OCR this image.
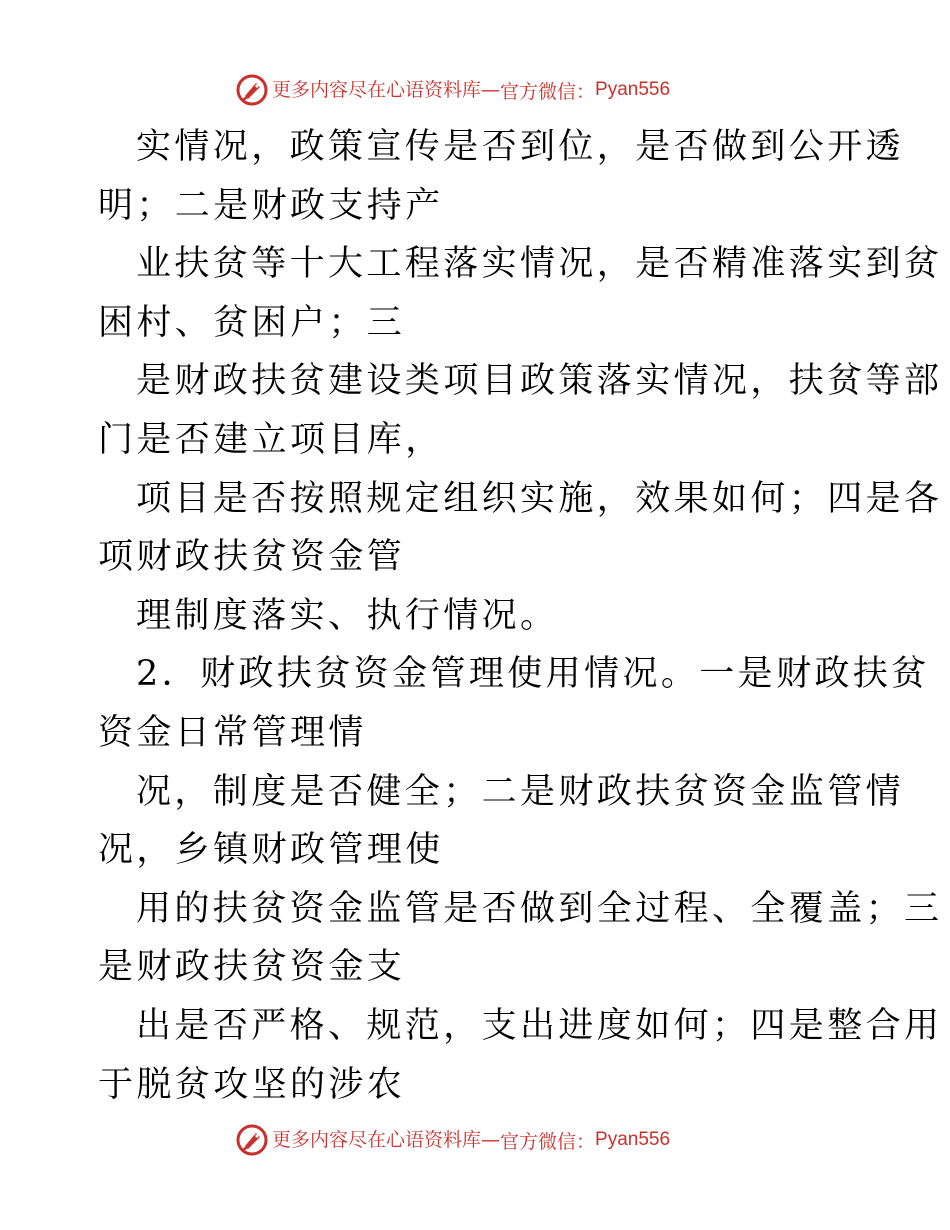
更多内容尽在心语资料库 — 官方微信： Pyan556
实情况，政策宣传是否到位，是否做到公开透
明；二是财政支持产
业扶贫等十大工程落实情况，是否精准落实到贫
困村、贫困户；三
是财政扶贫建设类项目政策落实情况，扶贫等部
门是否建立项目库，
项目是否按照规定组织实施，效果如何；四是各
项财政扶贫资金管
理制度落实、执行情况。
2．财政扶贫资金管理使用情况。一是财政扶贫
资金日常管理情
况，制度是否健全；二是财政扶贫资金监管情
况，乡镇财政管理使
用的扶贫资金监管是否做到全过程、全覆盖；三
是财政扶贫资金支
出是否严格、规范，支出进度如何；四是整合用
于脱贫攻坚的涉农
更多内容尽在心语资料库 — 官方微信： Pyan556
